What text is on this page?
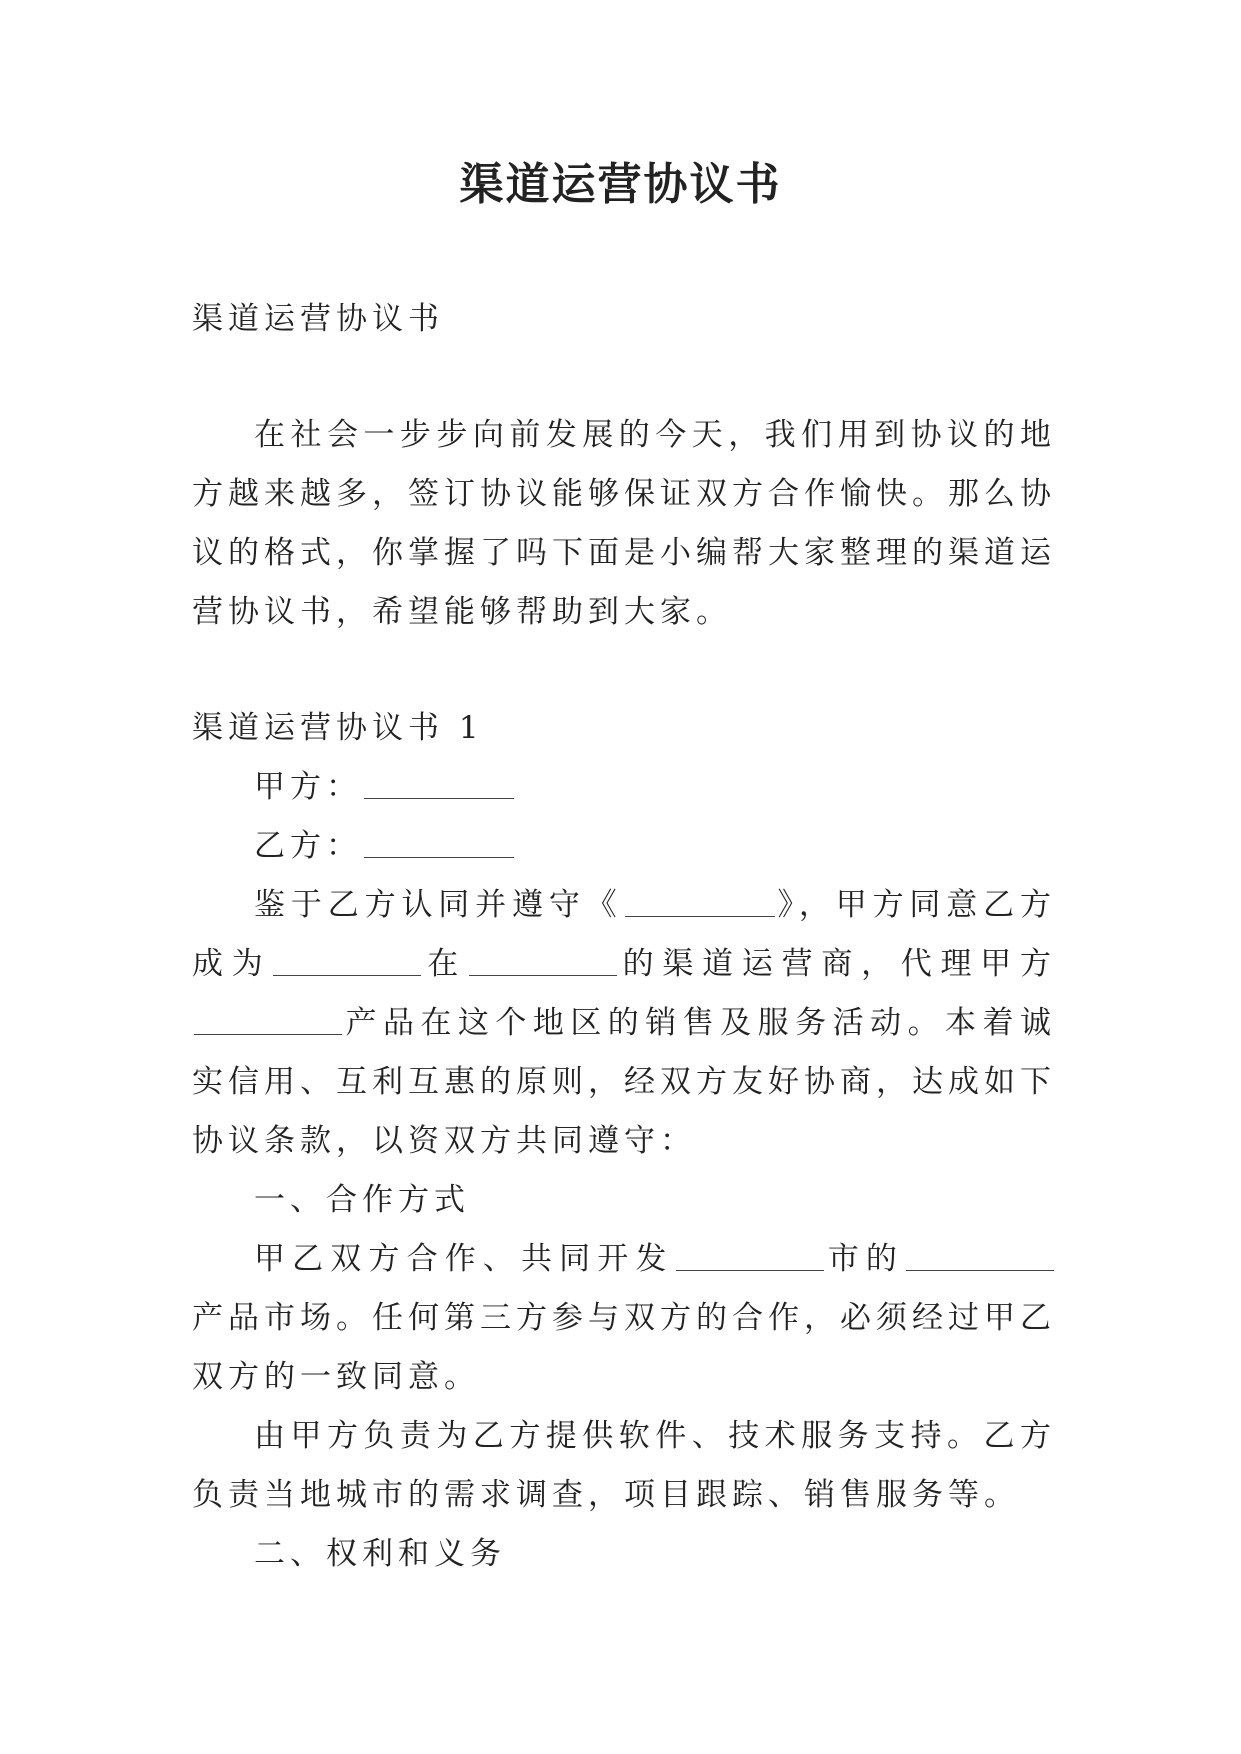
渠道运营协议书

渠道运营协议书

在社会一步步向前发展的今天，我们用到协议的地方越来越多，签订协议能够保证双方合作愉快。那么协议的格式，你掌握了吗下面是小编帮大家整理的渠道运营协议书，希望能够帮助到大家。

渠道运营协议书 1

甲方：

乙方：

鉴于乙方认同并遵守《	》，甲方同意乙方成为	在	的渠道运营商，代理甲方产品在这个地区的销售及服务活动。本着诚实信用、互利互惠的原则，经双方友好协商，达成如下协议条款，以资双方共同遵守：

一、合作方式

甲乙双方合作、共同开发	市的产品市场。任何第三方参与双方的合作，必须经过甲乙双方的一致同意。

由甲方负责为乙方提供软件、技术服务支持。乙方负责当地城市的需求调查，项目跟踪、销售服务等。

二、权利和义务
